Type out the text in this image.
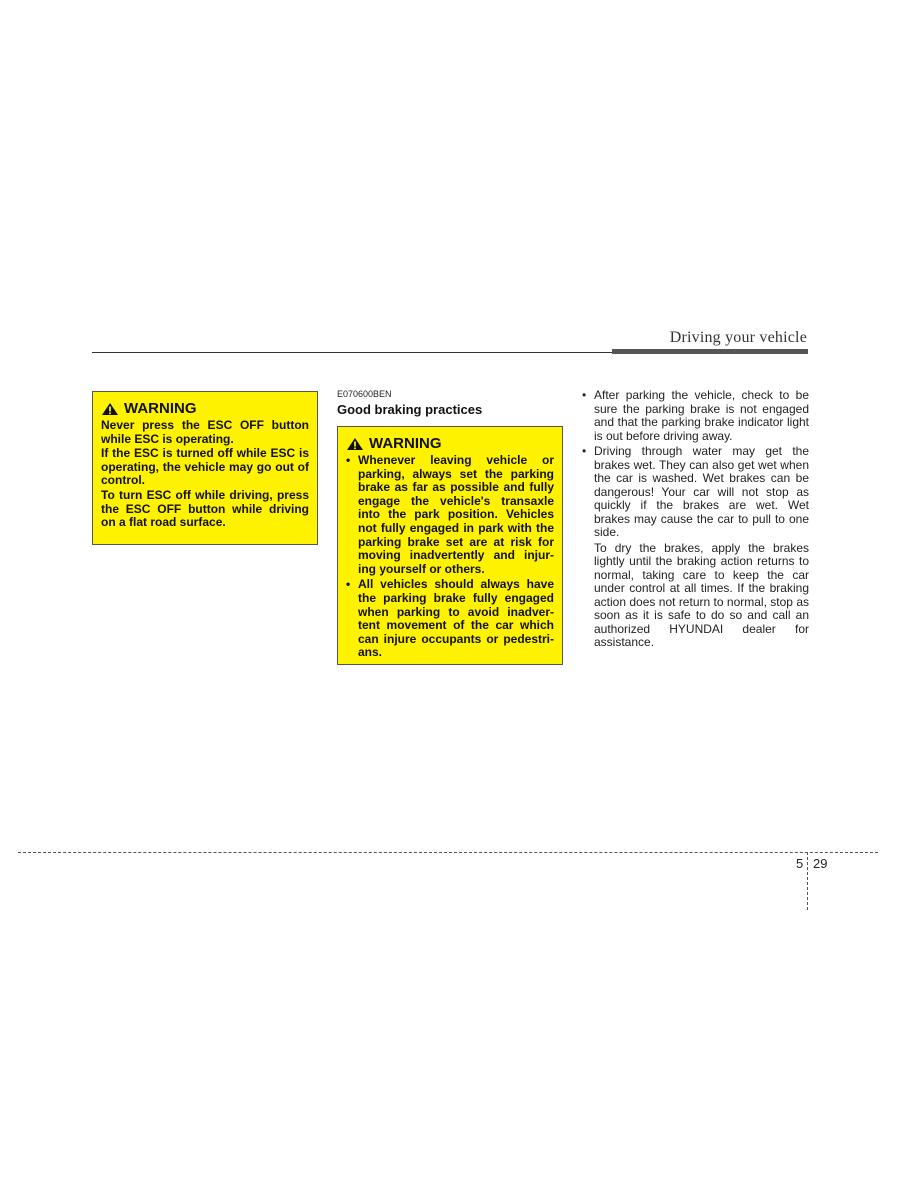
Driving your vehicle
WARNING

Never press the ESC OFF button while ESC is operating.

If the ESC is turned off while ESC is operating, the vehicle may go out of control.

To turn ESC off while driving, press the ESC OFF button while driving on a flat road surface.

E070600BEN
Good braking practices
WARNING
• Whenever leaving vehicle or parking, always set the parking brake as far as possible and fully engage the vehicle's transaxle into the park position. Vehicles not fully engaged in park with the parking brake set are at risk for moving inadvertently and injur-ing yourself or others.
• All vehicles should always have the parking brake fully engaged when parking to avoid inadver-tent movement of the car which can injure occupants or pedestri-ans.
• After parking the vehicle, check to be sure the parking brake is not engaged and that the parking brake indicator light is out before driving away.
• Driving through water may get the brakes wet. They can also get wet when the car is washed. Wet brakes can be dangerous! Your car will not stop as quickly if the brakes are wet. Wet brakes may cause the car to pull to one side.

To dry the brakes, apply the brakes lightly until the braking action returns to normal, taking care to keep the car under control at all times. If the braking action does not return to normal, stop as soon as it is safe to do so and call an authorized HYUNDAI dealer for assistance.

5 29
